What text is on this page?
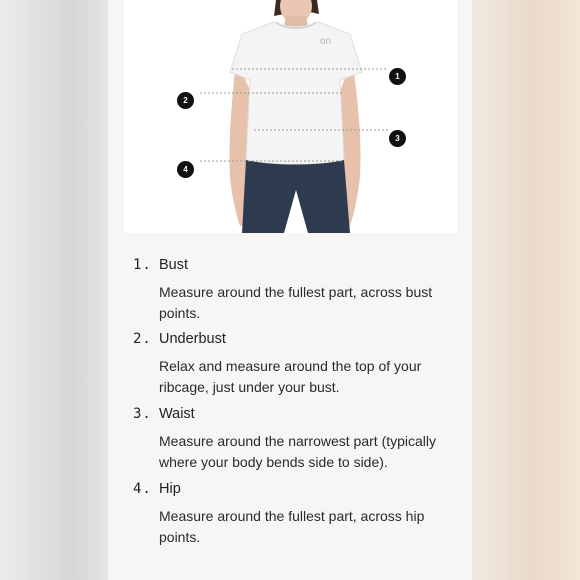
on
1
2
3
4
1. Bust
Measure around the fullest part, across bust points.
2. Underbust
Relax and measure around the top of your ribcage, just under your bust.
3. Waist
Measure around the narrowest part (typically where your body bends side to side).
4. Hip
Measure around the fullest part, across hip points.
